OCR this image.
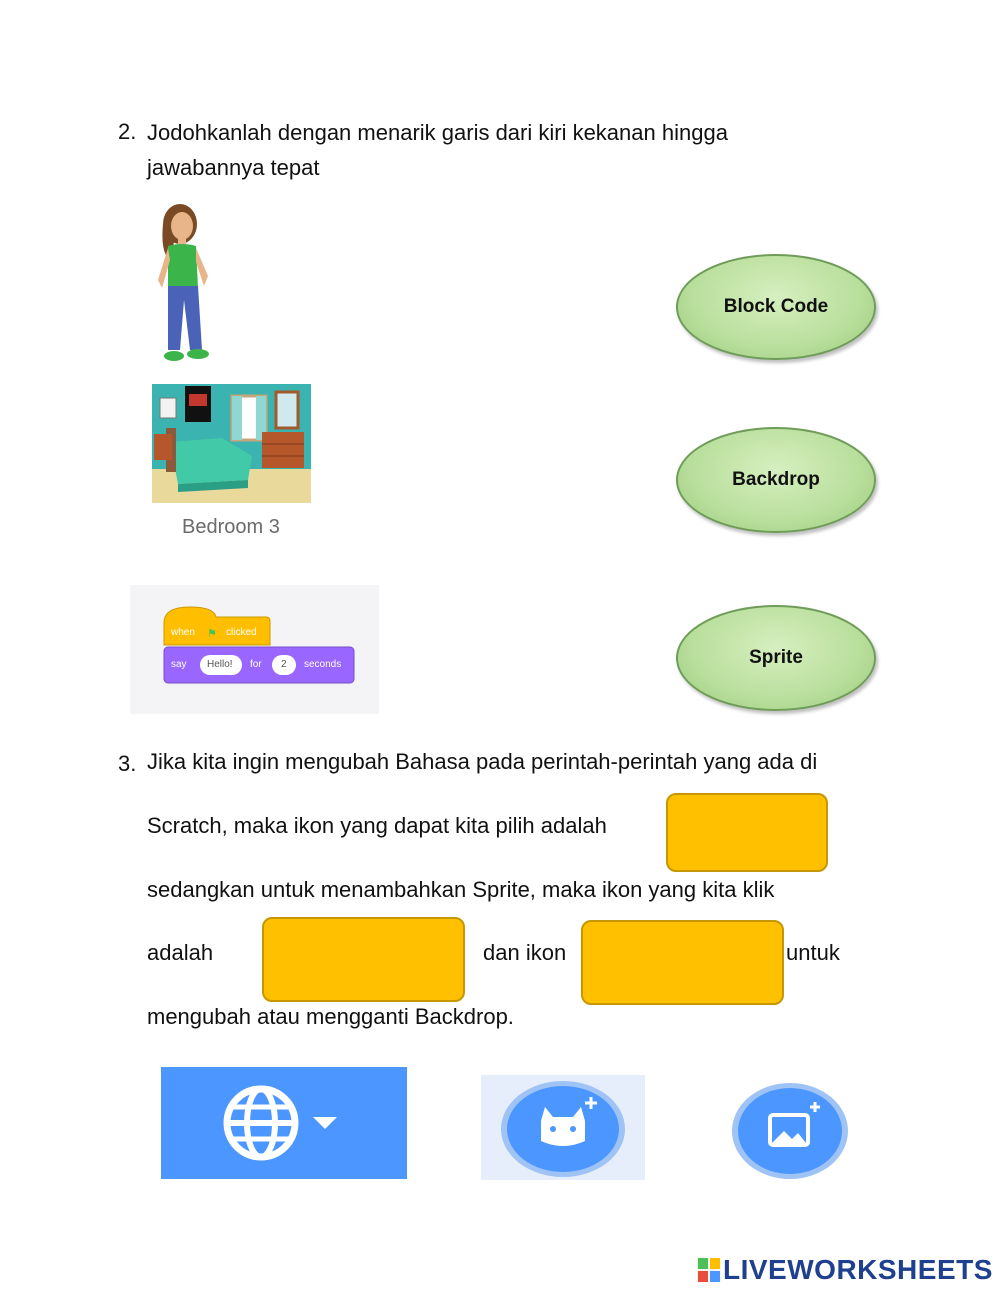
2. Jodohkanlah dengan menarik garis dari kiri kekanan hingga
jawabannya tepat
Bedroom 3
when ⚑ clicked
say Hello! for 2 seconds
Block Code
Backdrop
Sprite
3. Jika kita ingin mengubah Bahasa pada perintah-perintah yang ada di
Scratch, maka ikon yang dapat kita pilih adalah
sedangkan untuk menambahkan Sprite, maka ikon yang kita klik
adalah	dan ikon	untuk
mengubah atau mengganti Backdrop.
LIVEWORKSHEETS
